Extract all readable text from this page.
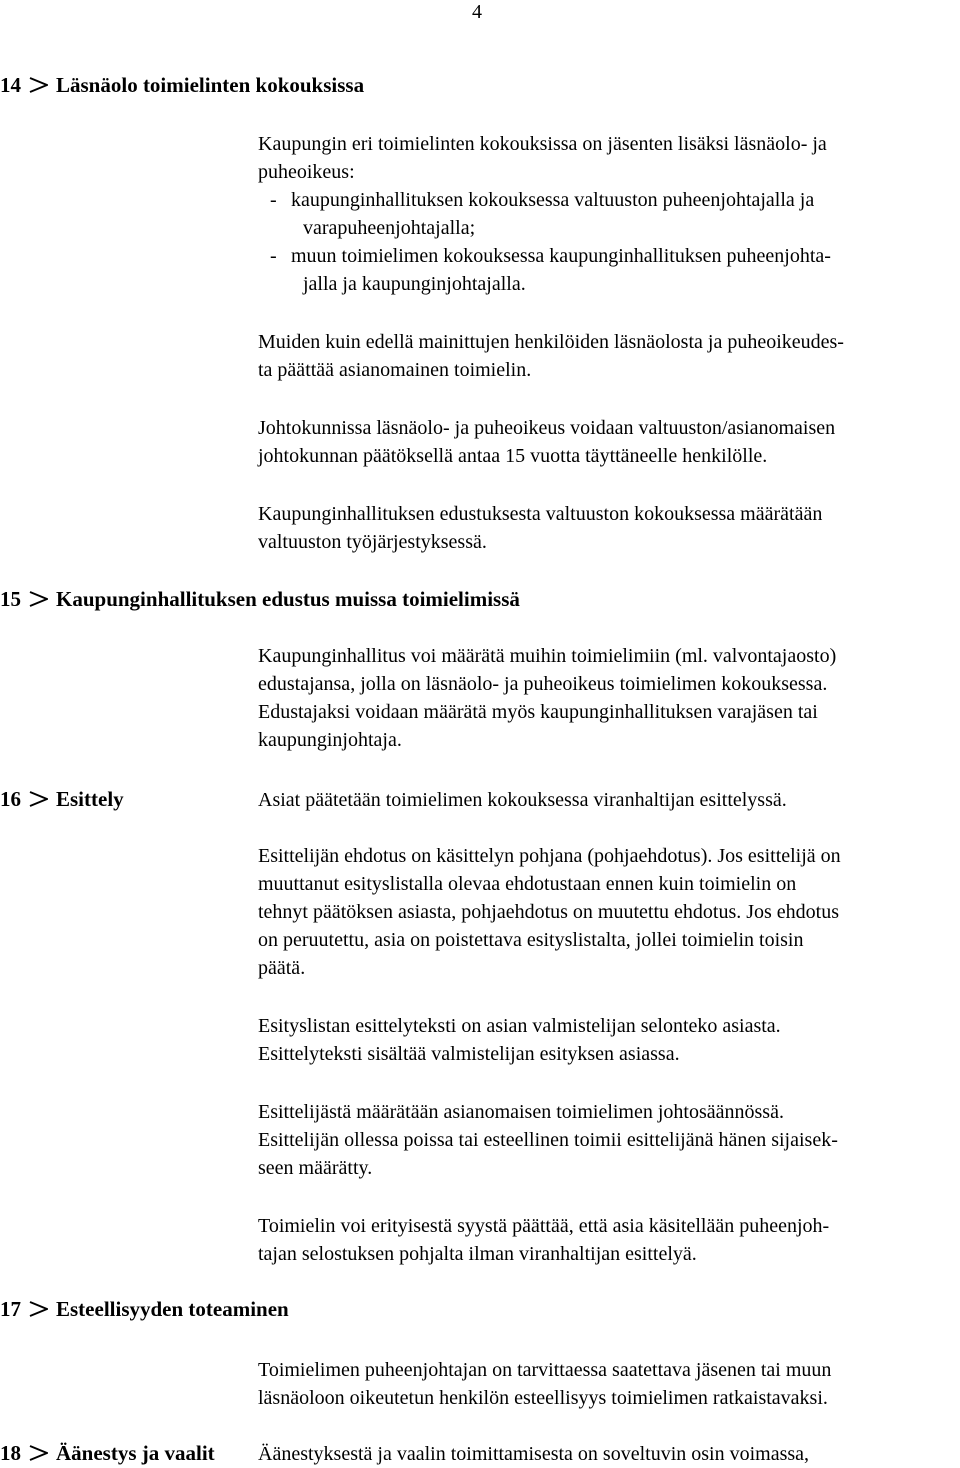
4
14 Läsnäolo toimielinten kokouksissa

Kaupungin eri toimielinten kokouksissa on jäsenten lisäksi läsnäolo- ja
puheoikeus:

- kaupunginhallituksen kokouksessa valtuuston puheenjohtajalla ja
varapuheenjohtajalla;
- muun toimielimen kokouksessa kaupunginhallituksen puheenjohta-
jalla ja kaupunginjohtajalla.

Muiden kuin edellä mainittujen henkilöiden läsnäolosta ja puheoikeudes-
ta päättää asianomainen toimielin.

Johtokunnissa läsnäolo- ja puheoikeus voidaan valtuuston/asianomaisen
johtokunnan päätöksellä antaa 15 vuotta täyttäneelle henkilölle.

Kaupunginhallituksen edustuksesta valtuuston kokouksessa määrätään
valtuuston työjärjestyksessä.

15 Kaupunginhallituksen edustus muissa toimielimissä

Kaupunginhallitus voi määrätä muihin toimielimiin (ml. valvontajaosto)
edustajansa, jolla on läsnäolo- ja puheoikeus toimielimen kokouksessa.
Edustajaksi voidaan määrätä myös kaupunginhallituksen varajäsen tai
kaupunginjohtaja.

16 Esittely	Asiat päätetään toimielimen kokouksessa viranhaltijan esittelyssä.

Esittelijän ehdotus on käsittelyn pohjana (pohjaehdotus). Jos esittelijä on
muuttanut esityslistalla olevaa ehdotustaan ennen kuin toimielin on
tehnyt päätöksen asiasta, pohjaehdotus on muutettu ehdotus. Jos ehdotus
on peruutettu, asia on poistettava esityslistalta, jollei toimielin toisin
päätä.

Esityslistan esittelyteksti on asian valmistelijan selonteko asiasta.
Esittelyteksti sisältää valmistelijan esityksen asiassa.

Esittelijästä määrätään asianomaisen toimielimen johtosäännössä.
Esittelijän ollessa poissa tai esteellinen toimii esittelijänä hänen sijaisek-
seen määrätty.

Toimielin voi erityisestä syystä päättää, että asia käsitellään puheenjoh-
tajan selostuksen pohjalta ilman viranhaltijan esittelyä.

17 Esteellisyyden toteaminen

Toimielimen puheenjohtajan on tarvittaessa saatettava jäsenen tai muun
läsnäoloon oikeutetun henkilön esteellisyys toimielimen ratkaistavaksi.

18 Äänestys ja vaalit Äänestyksestä ja vaalin toimittamisesta on soveltuvin osin voimassa,
